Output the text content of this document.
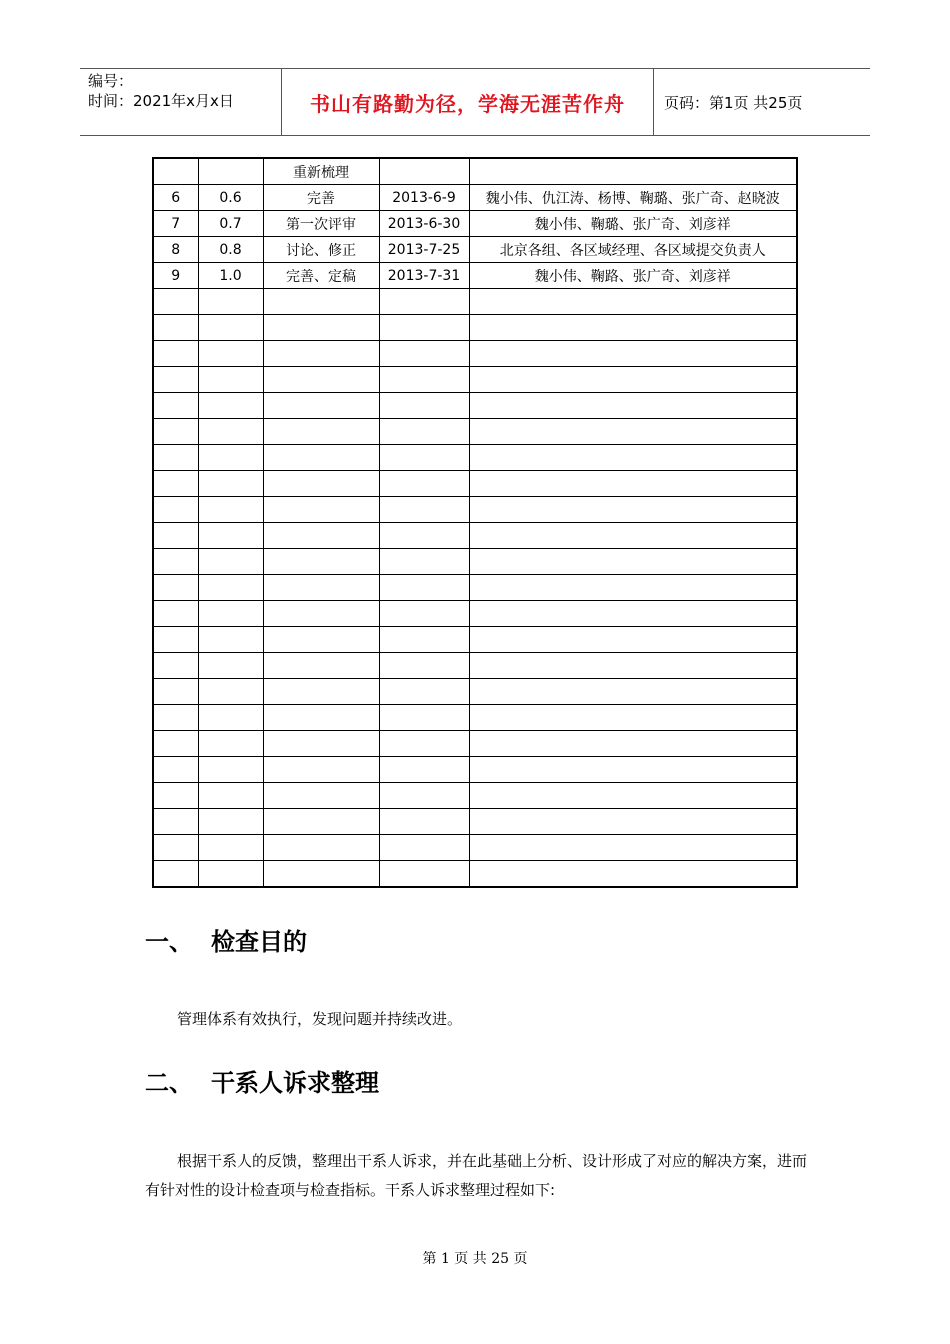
编号：
时间：2021年x月x日	书山有路勤为径，学海无涯苦作舟	页码：第1页 共25页
		重新梳理		
6	0.6	完善	2013-6-9	魏小伟、仇江涛、杨博、鞠璐、张广奇、赵晓波
7	0.7	第一次评审	2013-6-30	魏小伟、鞠璐、张广奇、刘彦祥
8	0.8	讨论、修正	2013-7-25	北京各组、各区域经理、各区域提交负责人
9	1.0	完善、定稿	2013-7-31	魏小伟、鞠路、张广奇、刘彦祥

一、 检查目的
管理体系有效执行，发现问题并持续改进。
二、 干系人诉求整理
根据干系人的反馈，整理出干系人诉求，并在此基础上分析、设计形成了对应的解决方案，进而有针对性的设计检查项与检查指标。干系人诉求整理过程如下:
第 1 页 共 25 页
